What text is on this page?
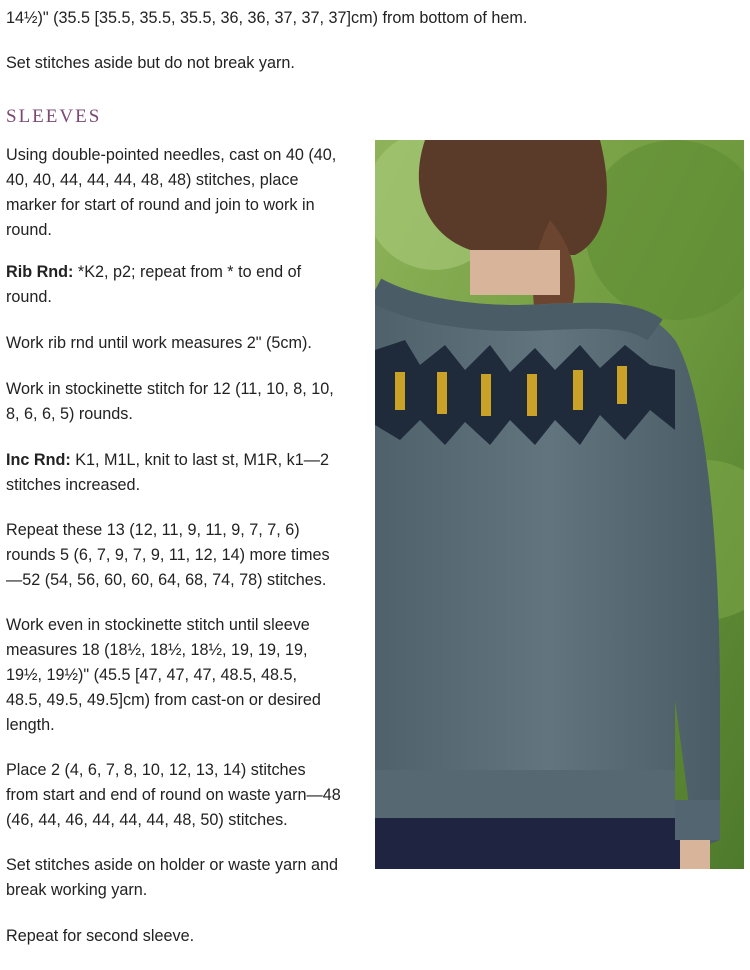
14½)" (35.5 [35.5, 35.5, 35.5, 36, 36, 37, 37, 37]cm) from bottom of hem.

Set stitches aside but do not break yarn.

SLEEVES

Using double-pointed needles, cast on 40 (40,
40, 40, 44, 44, 44, 48, 48) stitches, place
marker for start of round and join to work in
round.

Rib Rnd: *K2, p2; repeat from * to end of
round.

Work rib rnd until work measures 2" (5cm).

Work in stockinette stitch for 12 (11, 10, 8, 10,
8, 6, 6, 5) rounds.

Inc Rnd: K1, M1L, knit to last st, M1R, k1—2
stitches increased.

Repeat these 13 (12, 11, 9, 11, 9, 7, 7, 6)
rounds 5 (6, 7, 9, 7, 9, 11, 12, 14) more times
—52 (54, 56, 60, 60, 64, 68, 74, 78) stitches.

Work even in stockinette stitch until sleeve
measures 18 (18½, 18½, 18½, 19, 19, 19,
19½, 19½)" (45.5 [47, 47, 47, 48.5, 48.5,
48.5, 49.5, 49.5]cm) from cast-on or desired
length.

Place 2 (4, 6, 7, 8, 10, 12, 13, 14) stitches
from start and end of round on waste yarn—48
(46, 44, 46, 44, 44, 44, 48, 50) stitches.

Set stitches aside on holder or waste yarn and
break working yarn.

Repeat for second sleeve.
